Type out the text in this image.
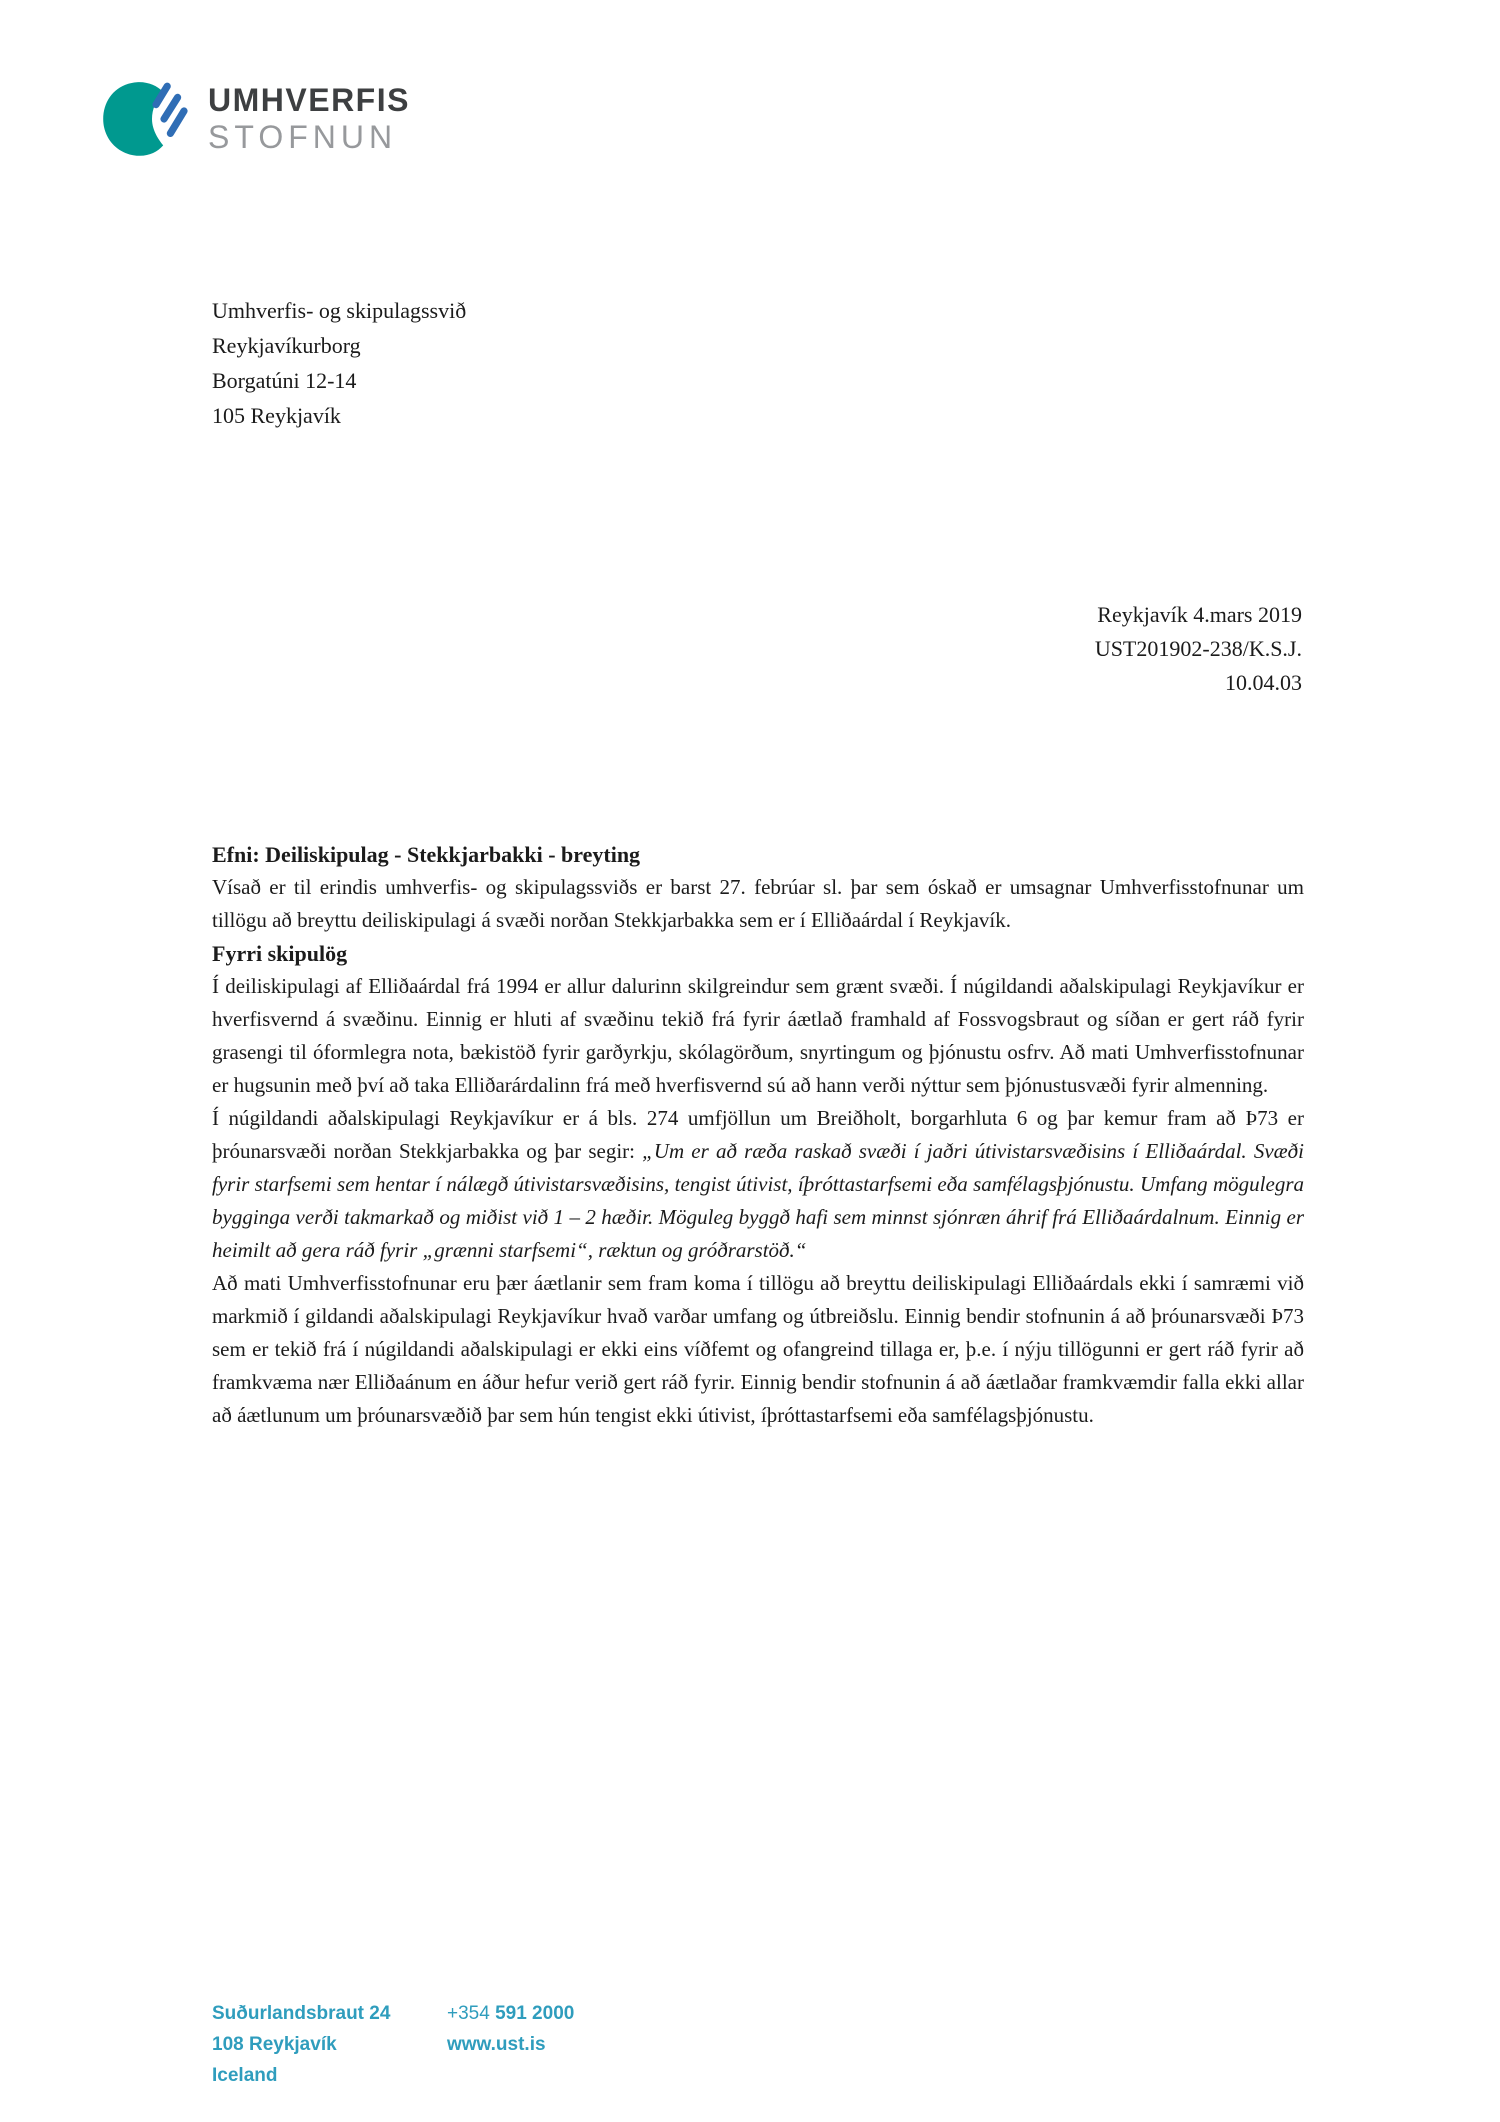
UMHVERFIS
STOFNUN
Umhverfis- og skipulagssvið
Reykjavíkurborg
Borgatúni 12-14
105 Reykjavík
Reykjavík 4.mars 2019
UST201902-238/K.S.J.
10.04.03

Efni: Deiliskipulag - Stekkjarbakki - breyting

Vísað er til erindis umhverfis- og skipulagssviðs er barst 27. febrúar sl. þar sem óskað er umsagnar Umhverfisstofnunar um tillögu að breyttu deiliskipulagi á svæði norðan Stekkjarbakka sem er í Elliðaárdal í Reykjavík.

Fyrri skipulög

Í deiliskipulagi af Elliðaárdal frá 1994 er allur dalurinn skilgreindur sem grænt svæði. Í núgildandi aðalskipulagi Reykjavíkur er hverfisvernd á svæðinu. Einnig er hluti af svæðinu tekið frá fyrir áætlað framhald af Fossvogsbraut og síðan er gert ráð fyrir grasengi til óformlegra nota, bækistöð fyrir garðyrkju, skólagörðum, snyrtingum og þjónustu osfrv. Að mati Umhverfisstofnunar er hugsunin með því að taka Elliðarárdalinn frá með hverfisvernd sú að hann verði nýttur sem þjónustusvæði fyrir almenning.

Í núgildandi aðalskipulagi Reykjavíkur er á bls. 274 umfjöllun um Breiðholt, borgarhluta 6 og þar kemur fram að Þ73 er þróunarsvæði norðan Stekkjarbakka og þar segir: „Um er að ræða raskað svæði í jaðri útivistarsvæðisins í Elliðaárdal. Svæði fyrir starfsemi sem hentar í nálægð útivistarsvæðisins, tengist útivist, íþróttastarfsemi eða samfélagsþjónustu. Umfang mögulegra bygginga verði takmarkað og miðist við 1 – 2 hæðir. Möguleg byggð hafi sem minnst sjónræn áhrif frá Elliðaárdalnum. Einnig er heimilt að gera ráð fyrir „grænni starfsemi“, ræktun og gróðrarstöð.“

Að mati Umhverfisstofnunar eru þær áætlanir sem fram koma í tillögu að breyttu deiliskipulagi Elliðaárdals ekki í samræmi við markmið í gildandi aðalskipulagi Reykjavíkur hvað varðar umfang og útbreiðslu. Einnig bendir stofnunin á að þróunarsvæði Þ73 sem er tekið frá í núgildandi aðalskipulagi er ekki eins víðfemt og ofangreind tillaga er, þ.e. í nýju tillögunni er gert ráð fyrir að framkvæma nær Elliðaánum en áður hefur verið gert ráð fyrir. Einnig bendir stofnunin á að áætlaðar framkvæmdir falla ekki allar að áætlunum um þróunarsvæðið þar sem hún tengist ekki útivist, íþróttastarfsemi eða samfélagsþjónustu.

Suðurlandsbraut 24
108 Reykjavík
Iceland
+354 591 2000
www.ust.is
